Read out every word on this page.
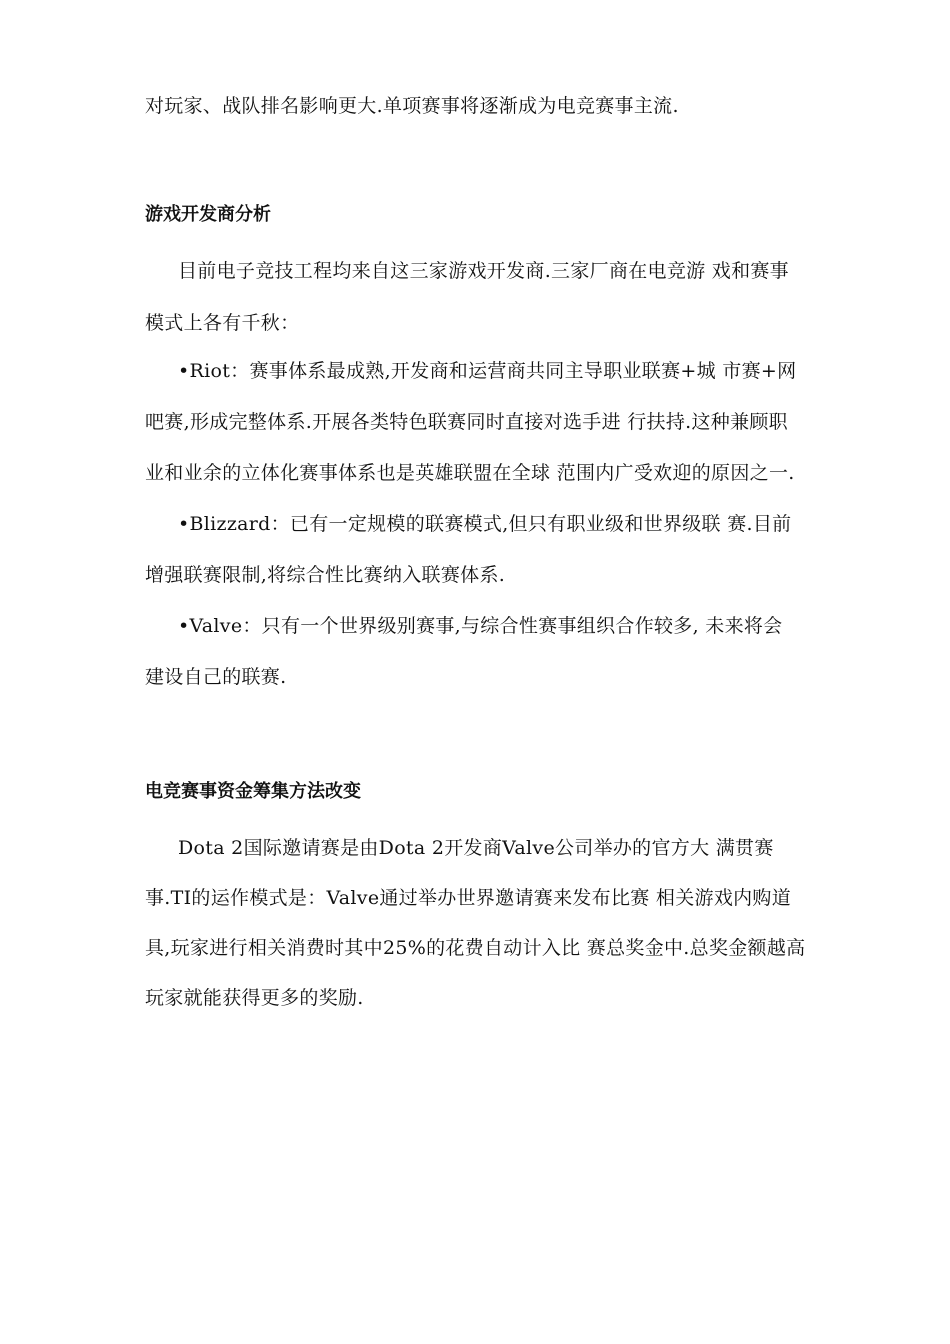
对玩家、战队排名影响更大.单项赛事将逐渐成为电竞赛事主流.
游戏开发商分析
目前电子竞技工程均来自这三家游戏开发商.三家厂商在电竞游 戏和赛事
模式上各有千秋：
•Riot：赛事体系最成熟,开发商和运营商共同主导职业联赛+城 市赛+网
吧赛,形成完整体系.开展各类特色联赛同时直接对选手进 行扶持.这种兼顾职
业和业余的立体化赛事体系也是英雄联盟在全球 范围内广受欢迎的原因之一.
•Blizzard：已有一定规模的联赛模式,但只有职业级和世界级联 赛.目前
增强联赛限制,将综合性比赛纳入联赛体系.
•Valve：只有一个世界级别赛事,与综合性赛事组织合作较多, 未来将会
建设自己的联赛.
电竞赛事资金筹集方法改变
Dota 2国际邀请赛是由Dota 2开发商Valve公司举办的官方大 满贯赛
事.TI的运作模式是：Valve通过举办世界邀请赛来发布比赛 相关游戏内购道
具,玩家进行相关消费时其中25%的花费自动计入比 赛总奖金中.总奖金额越高
玩家就能获得更多的奖励.
